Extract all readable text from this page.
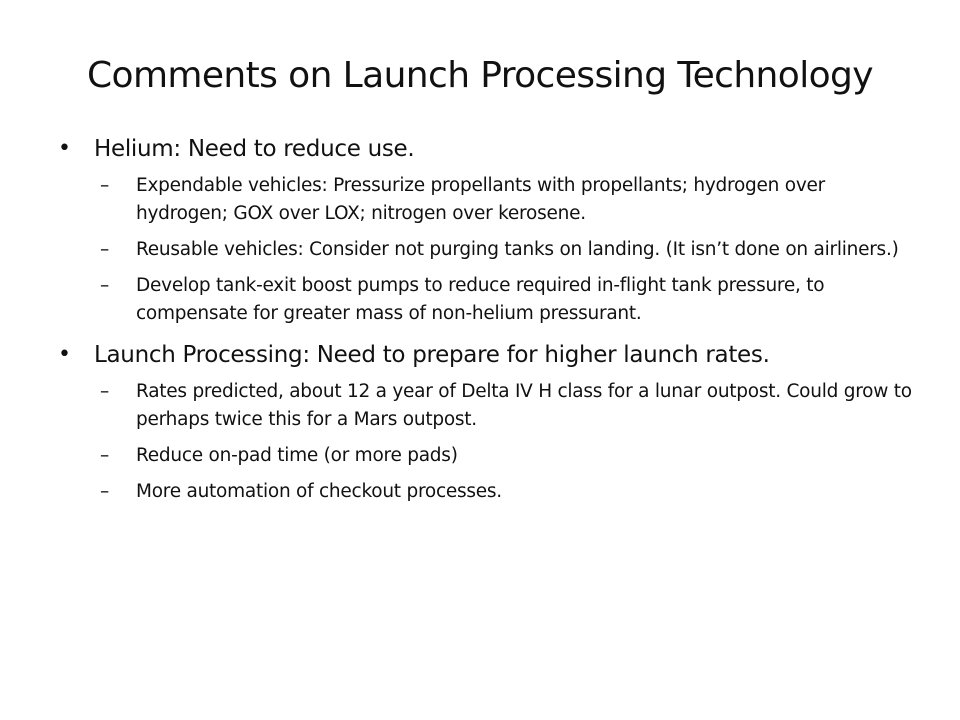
Comments on Launch Processing Technology
•	Helium: Need to reduce use.
–	Expendable vehicles: Pressurize propellants with propellants; hydrogen over hydrogen; GOX over LOX; nitrogen over kerosene.
–	Reusable vehicles: Consider not purging tanks on landing. (It isn’t done on airliners.)
–	Develop tank-exit boost pumps to reduce required in-flight tank pressure, to compensate for greater mass of non-helium pressurant.
•	Launch Processing: Need to prepare for higher launch rates.
–	Rates predicted, about 12 a year of Delta IV H class for a lunar outpost. Could grow to perhaps twice this for a Mars outpost.
–	Reduce on-pad time (or more pads)
–	More automation of checkout processes.
